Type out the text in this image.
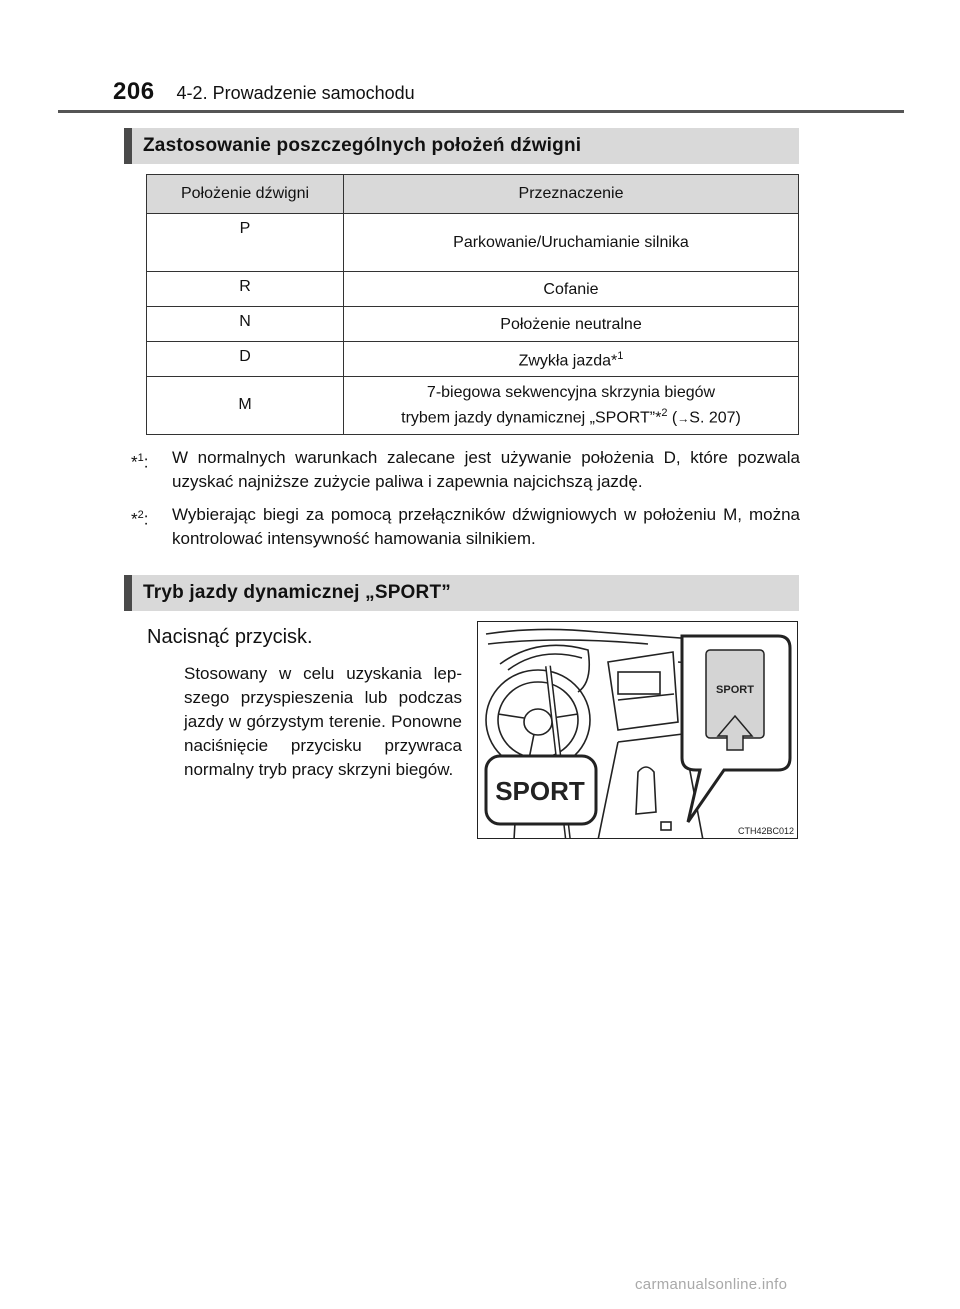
206 4-2. Prowadzenie samochodu
Zastosowanie poszczególnych położeń dźwigni
Położenie dźwigni	Przeznaczenie
P	Parkowanie/Uruchamianie silnika
R	Cofanie
N	Położenie neutralne
D	Zwykła jazda*$^1$
M	7-biegowa sekwencyjna skrzynia biegów
trybem jazdy dynamicznej „SPORT”*$^2$ (→S. 207)
*$^1$: W normalnych warunkach zalecane jest używanie położenia D, które pozwala uzyskać najniższe zużycie paliwa i zapewnia najcichszą jazdę.
*$^2$: Wybierając biegi za pomocą przełączników dźwigniowych w położeniu M, można kontrolować intensywność hamowania silnikiem.
Tryb jazdy dynamicznej „SPORT”
Nacisnąć przycisk.
Stosowany w celu uzyskania lepszego przyspieszenia lub podczas jazdy w górzystym terenie. Ponowne naciśnięcie przycisku przywraca normalny tryb pracy skrzyni biegów.
SPORT
SPORT
CTH42BC012
carmanualsonline.info
